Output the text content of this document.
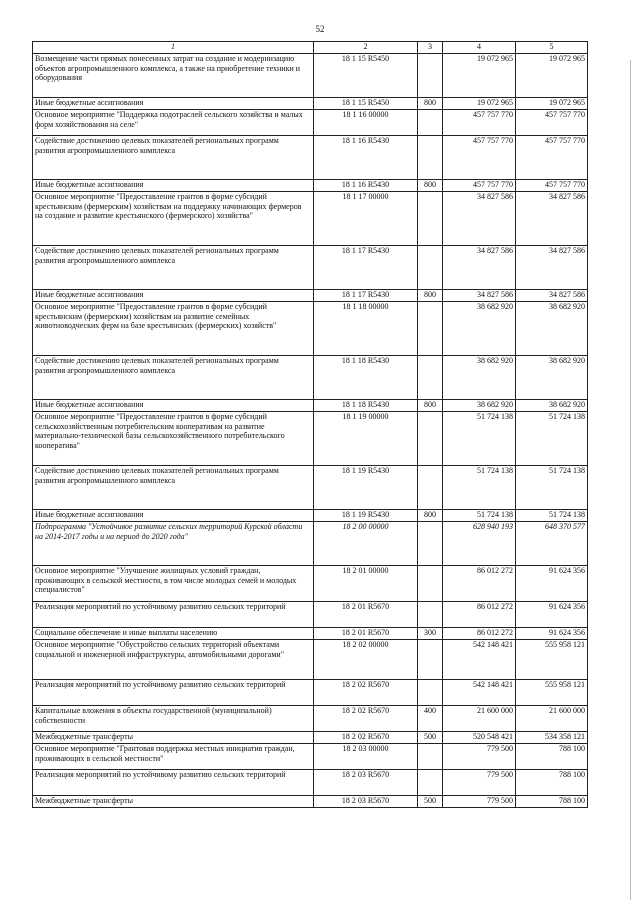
52
1	2	3	4	5
Возмещение части прямых понесенных затрат на создание и модернизацию объектов агропромышленного комплекса, а также на приобретение техники и оборудования	18 1 15 R5450		19 072 965	19 072 965
Иные бюджетные ассигнования	18 1 15 R5450	800	19 072 965	19 072 965
Основное мероприятие "Поддержка подотраслей сельского хозяйства и малых форм хозяйствования на селе"	18 1 16 00000		457 757 770	457 757 770
Содействие достижению целевых показателей региональных программ развития агропромышленного комплекса	18 1 16 R5430		457 757 770	457 757 770
Иные бюджетные ассигнования	18 1 16 R5430	800	457 757 770	457 757 770
Основное мероприятие "Предоставление грантов в форме субсидий крестьянским (фермерским) хозяйствам на поддержку начинающих фермеров на создание и развитие крестьянского (фермерского) хозяйства"	18 1 17 00000		34 827 586	34 827 586
Содействие достижению целевых показателей региональных программ развития агропромышленного комплекса	18 1 17 R5430		34 827 586	34 827 586
Иные бюджетные ассигнования	18 1 17 R5430	800	34 827 586	34 827 586
Основное мероприятие "Предоставление грантов в форме субсидий крестьянским (фермерским) хозяйствам на развитие семейных животноводческих ферм на базе крестьянских (фермерских) хозяйств"	18 1 18 00000		38 682 920	38 682 920
Содействие достижению целевых показателей региональных программ развития агропромышленного комплекса	18 1 18 R5430		38 682 920	38 682 920
Иные бюджетные ассигнования	18 1 18 R5430	800	38 682 920	38 682 920
Основное мероприятие "Предоставление грантов в форме субсидий сельскохозяйственным потребительским кооперативам на развитие материально-технической базы сельскохозяйственного потребительского кооператива"	18 1 19 00000		51 724 138	51 724 138
Содействие достижению целевых показателей региональных программ развития агропромышленного комплекса	18 1 19 R5430		51 724 138	51 724 138
Иные бюджетные ассигнования	18 1 19 R5430	800	51 724 138	51 724 138
Подпрограмма "Устойчивое развитие сельских территорий Курской области на 2014-2017 годы и на период до 2020 года"	18 2 00 00000		628 940 193	648 370 577
Основное мероприятие "Улучшение жилищных условий граждан, проживающих в сельской местности, в том числе молодых семей и молодых специалистов"	18 2 01 00000		86 012 272	91 624 356
Реализация мероприятий по устойчивому развитию сельских территорий	18 2 01 R5670		86 012 272	91 624 356
Социальное обеспечение и иные выплаты населению	18 2 01 R5670	300	86 012 272	91 624 356
Основное мероприятие "Обустройство сельских территорий объектами социальной и инженерной инфраструктуры, автомобильными дорогами"	18 2 02 00000		542 148 421	555 958 121
Реализация мероприятий по устойчивому развитию сельских территорий	18 2 02 R5670		542 148 421	555 958 121
Капитальные вложения в объекты государственной (муниципальной) собственности	18 2 02 R5670	400	21 600 000	21 600 000
Межбюджетные трансферты	18 2 02 R5670	500	520 548 421	534 358 121
Основное мероприятие "Грантовая поддержка местных инициатив граждан, проживающих в сельской местности"	18 2 03 00000		779 500	788 100
Реализация мероприятий по устойчивому развитию сельских территорий	18 2 03 R5670		779 500	788 100
Межбюджетные трансферты	18 2 03 R5670	500	779 500	788 100
